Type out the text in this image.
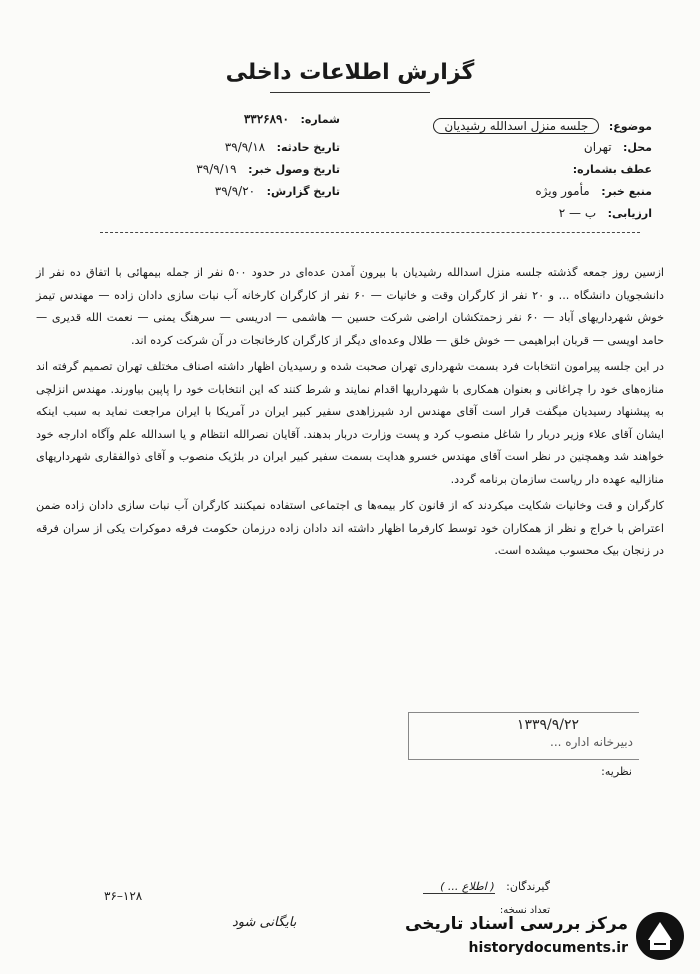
گزارش اطلاعات داخلی
موضوع: جلسه منزل اسدالله رشیدیان
محل: تهران
عطف بشماره:
منبع خبر: مأمور ویژه
ارزیابی: ب — ۲
شماره: ۳۳۲۶۸۹۰
تاریخ حادثه: ۳۹/۹/۱۸
تاریخ وصول خبر: ۳۹/۹/۱۹
تاریخ گزارش: ۳۹/۹/۲۰

ازسین روز جمعه گذشته جلسه منزل اسدالله رشیدیان با بیرون آمدن عده‌ای در حدود ۵۰۰ نفر از جمله بیمهائی با اتفاق ده نفر از دانشجویان دانشگاه ... و ۲۰ نفر از کارگران وقت و خانیات — ۶۰ نفر از کارگران کارخانه آب نبات سازی دادان زاده — مهندس تیمز خوش شهرداریهای آباد — ۶۰ نفر زحمتکشان اراضی شرکت حسین — هاشمی — ادریسی — سرهنگ یمنی — نعمت الله قدیری — حامد اویسی — قربان ابراهیمی — خوش خلق — طلال وعده‌ای دیگر از کارگران کارخانجات در آن شرکت کرده اند.

در این جلسه پیرامون انتخابات فرد بسمت شهرداری تهران صحبت شده و رسیدیان اظهار داشته اصناف مختلف تهران تصمیم گرفته اند منازه‌های خود را چراغانی و بعنوان همکاری با شهرداریها اقدام نمایند و شرط کنند که این انتخابات خود را پاپین بیاورند. مهندس انزلچی به پیشنهاد رسیدیان میگفت قرار است آقای مهندس ارد شیرزاهدی سفیر کبیر ایران در آمریکا با ایران مراجعت نماید به سبب اینکه ایشان آقای علاء وزیر دربار را شاغل منصوب کرد و پست وزارت دربار بدهند. آقایان نصرالله انتظام و یا اسدالله علم وآگاه ادارجه خود خواهند شد وهمچنین در نظر است آقای مهندس خسرو هدایت بسمت سفیر کبیر ایران در بلژیک منصوب و آقای ذوالفقاری شهرداریهای منازالیه عهده دار ریاست سازمان برنامه گردد.

کارگران و قت وخانیات شکایت میکردند که از قانون کار بیمه‌ها ی اجتماعی استفاده نمیکنند کارگران آب نبات سازی دادان زاده ضمن اعتراض با خراج و نظر از همکاران خود توسط کارفرما اظهار داشته اند دادان زاده درزمان حکومت فرقه دموکرات یکی از سران فرقه در زنجان بیک محسوب میشده است.

۱۳۳۹/۹/۲۲
دبیرخانه اداره ...
نظریه:
گیرندگان: ( اطلاع ... )
تعداد نسخه:
۱۲۸–۳۶
بایگانی شود	مرکز بررسی اسناد تاریخی
historydocuments.ir
